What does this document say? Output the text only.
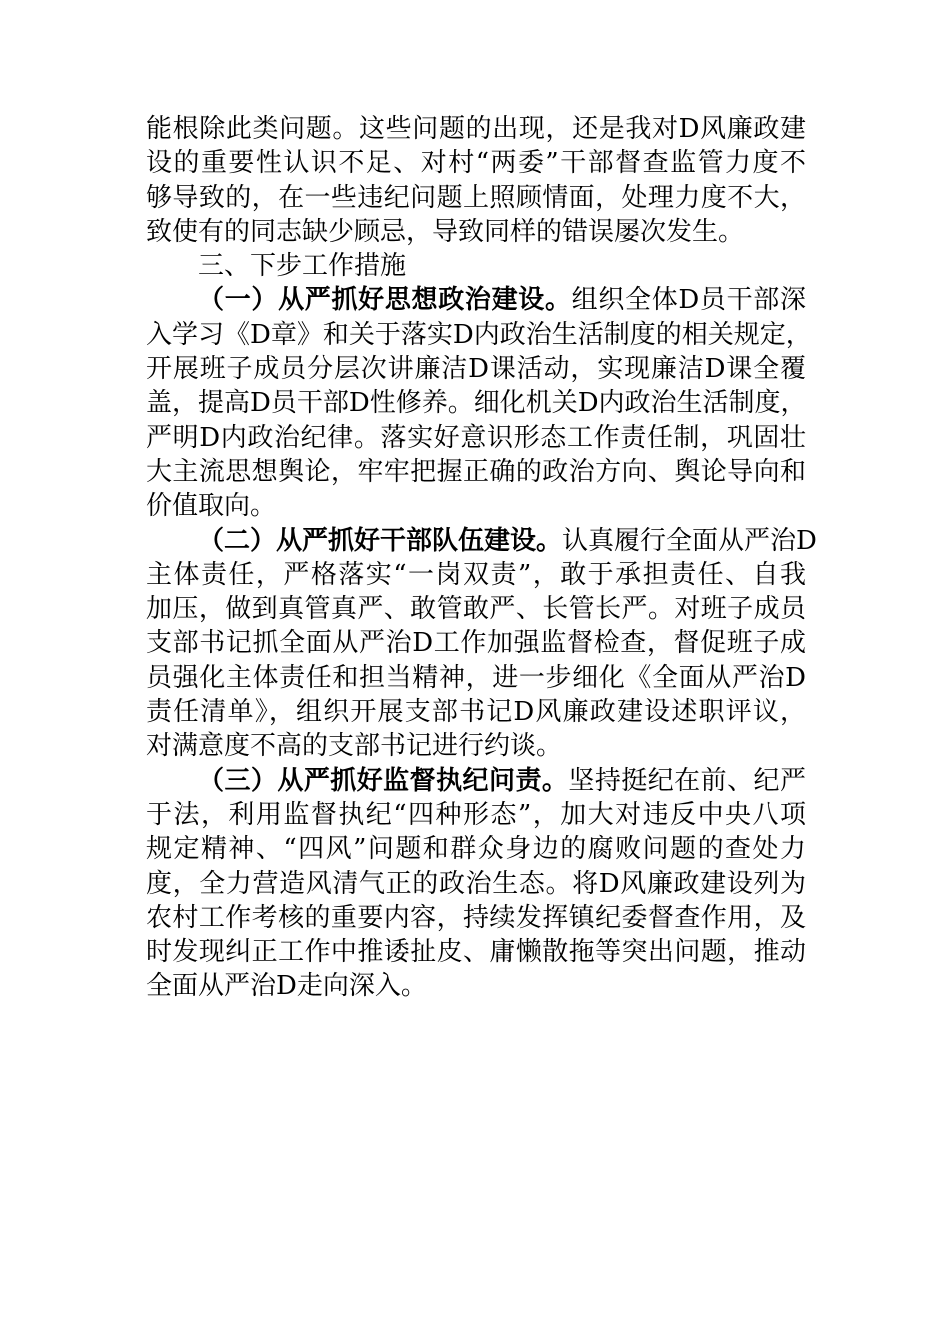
能根除此类问题。这些问题的出现，还是我对D风廉政建
设的重要性认识不足、对村“两委”干部督查监管力度不
够导致的，在一些违纪问题上照顾情面，处理力度不大，
致使有的同志缺少顾忌，导致同样的错误屡次发生。
三、下步工作措施
（一）从严抓好思想政治建设。组织全体D员干部深
入学习《D章》和关于落实D内政治生活制度的相关规定，
开展班子成员分层次讲廉洁D课活动，实现廉洁D课全覆
盖，提高D员干部D性修养。细化机关D内政治生活制度，
严明D内政治纪律。落实好意识形态工作责任制，巩固壮
大主流思想舆论，牢牢把握正确的政治方向、舆论导向和
价值取向。
（二）从严抓好干部队伍建设。认真履行全面从严治D
主体责任，严格落实“一岗双责”，敢于承担责任、自我
加压，做到真管真严、敢管敢严、长管长严。对班子成员
支部书记抓全面从严治D工作加强监督检查，督促班子成
员强化主体责任和担当精神，进一步细化《全面从严治D
责任清单》，组织开展支部书记D风廉政建设述职评议，
对满意度不高的支部书记进行约谈。
（三）从严抓好监督执纪问责。坚持挺纪在前、纪严
于法，利用监督执纪“四种形态”，加大对违反中央八项
规定精神、“四风”问题和群众身边的腐败问题的查处力
度，全力营造风清气正的政治生态。将D风廉政建设列为
农村工作考核的重要内容，持续发挥镇纪委督查作用，及
时发现纠正工作中推诿扯皮、庸懒散拖等突出问题，推动
全面从严治D走向深入。
